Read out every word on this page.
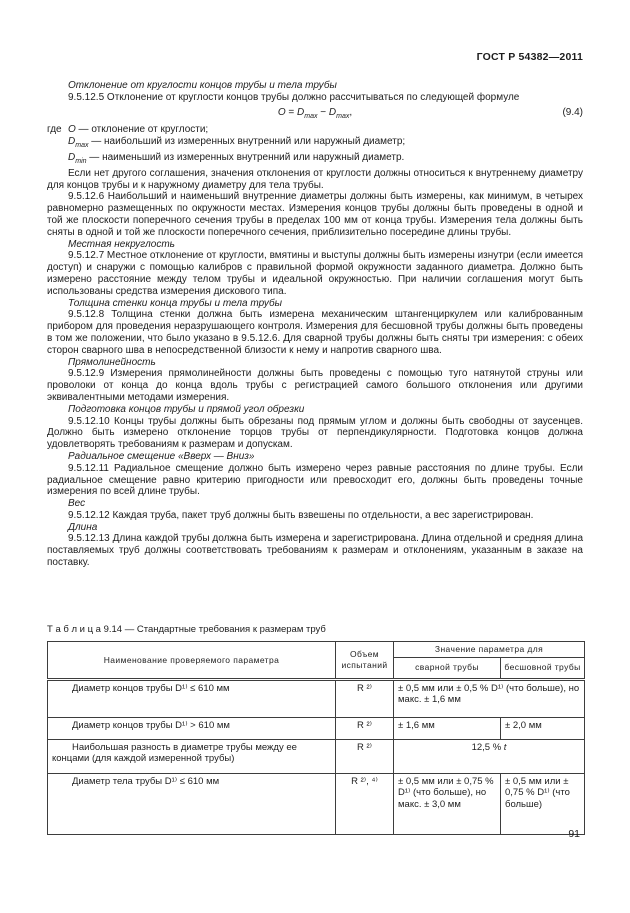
ГОСТ Р 54382—2011

Отклонение от круглости концов трубы и тела трубы

9.5.12.5 Отклонение от круглости концов трубы должно рассчитываться по следующей формуле

$O = D_{max} - D_{max}$,	(9.4)
где O — отклонение от круглости;
$D_{max}$ — наибольший из измеренных внутренний или наружный диаметр;
$D_{min}$ — наименьший из измеренных внутренний или наружный диаметр.

Если нет другого соглашения, значения отклонения от круглости должны относиться к внутреннему диаметру для концов трубы и к наружному диаметру для тела трубы.

9.5.12.6 Наибольший и наименьший внутренние диаметры должны быть измерены, как минимум, в четырех равномерно размещенных по окружности местах. Измерения концов трубы должны быть проведены в одной и той же плоскости поперечного сечения трубы в пределах 100 мм от конца трубы. Измерения тела должны быть сняты в одной и той же плоскости поперечного сечения, приблизительно посередине длины трубы.

Местная некруглость

9.5.12.7 Местное отклонение от круглости, вмятины и выступы должны быть измерены изнутри (если имеется доступ) и снаружи с помощью калибров с правильной формой окружности заданного диаметра. Должно быть измерено расстояние между телом трубы и идеальной окружностью. При наличии соглашения могут быть использованы средства измерения дискового типа.

Толщина стенки конца трубы и тела трубы

9.5.12.8 Толщина стенки должна быть измерена механическим штангенциркулем или калиброванным прибором для проведения неразрушающего контроля. Измерения для бесшовной трубы должны быть проведены в том же положении, что было указано в 9.5.12.6. Для сварной трубы должны быть сняты три измерения: с обеих сторон сварного шва в непосредственной близости к нему и напротив сварного шва.

Прямолинейность

9.5.12.9 Измерения прямолинейности должны быть проведены с помощью туго натянутой струны или проволоки от конца до конца вдоль трубы с регистрацией самого большого отклонения или другими эквивалентными методами измерения.

Подготовка концов трубы и прямой угол обрезки

9.5.12.10 Концы трубы должны быть обрезаны под прямым углом и должны быть свободны от заусенцев. Должно быть измерено отклонение торцов трубы от перпендикулярности. Подготовка концов должна удовлетворять требованиям к размерам и допускам.

Радиальное смещение «Вверх — Вниз»

9.5.12.11 Радиальное смещение должно быть измерено через равные расстояния по длине трубы. Если радиальное смещение равно критерию пригодности или превосходит его, должны быть проведены точные измерения по всей длине трубы.

Вес

9.5.12.12 Каждая труба, пакет труб должны быть взвешены по отдельности, а вес зарегистрирован.

Длина

9.5.12.13 Длина каждой трубы должна быть измерена и зарегистрирована. Длина отдельной и средняя длина поставляемых труб должны соответствовать требованиям к размерам и отклонениям, указанным в заказе на поставку.

Т а б л и ц а 9.14 — Стандартные требования к размерам труб

Наименование проверяемого параметра	Объем испытаний	Значение параметра для	
		сварной трубы	бесшовной трубы
Диаметр концов трубы D¹⁾ ≤ 610 мм	R ²⁾	± 0,5 мм или ± 0,5 % D¹⁾ (что больше), но макс. ± 1,6 мм	
Диаметр концов трубы D¹⁾ > 610 мм	R ²⁾	± 1,6 мм	± 2,0 мм
Наибольшая разность в диаметре трубы между ее концами (для каждой измеренной трубы)	R ²⁾	12,5 % t	
Диаметр тела трубы D¹⁾ ≤ 610 мм	R ²⁾, ⁴⁾	± 0,5 мм или ± 0,75 % D¹⁾ (что больше), но макс. ± 3,0 мм	± 0,5 мм или ± 0,75 % D¹⁾ (что больше)
91
